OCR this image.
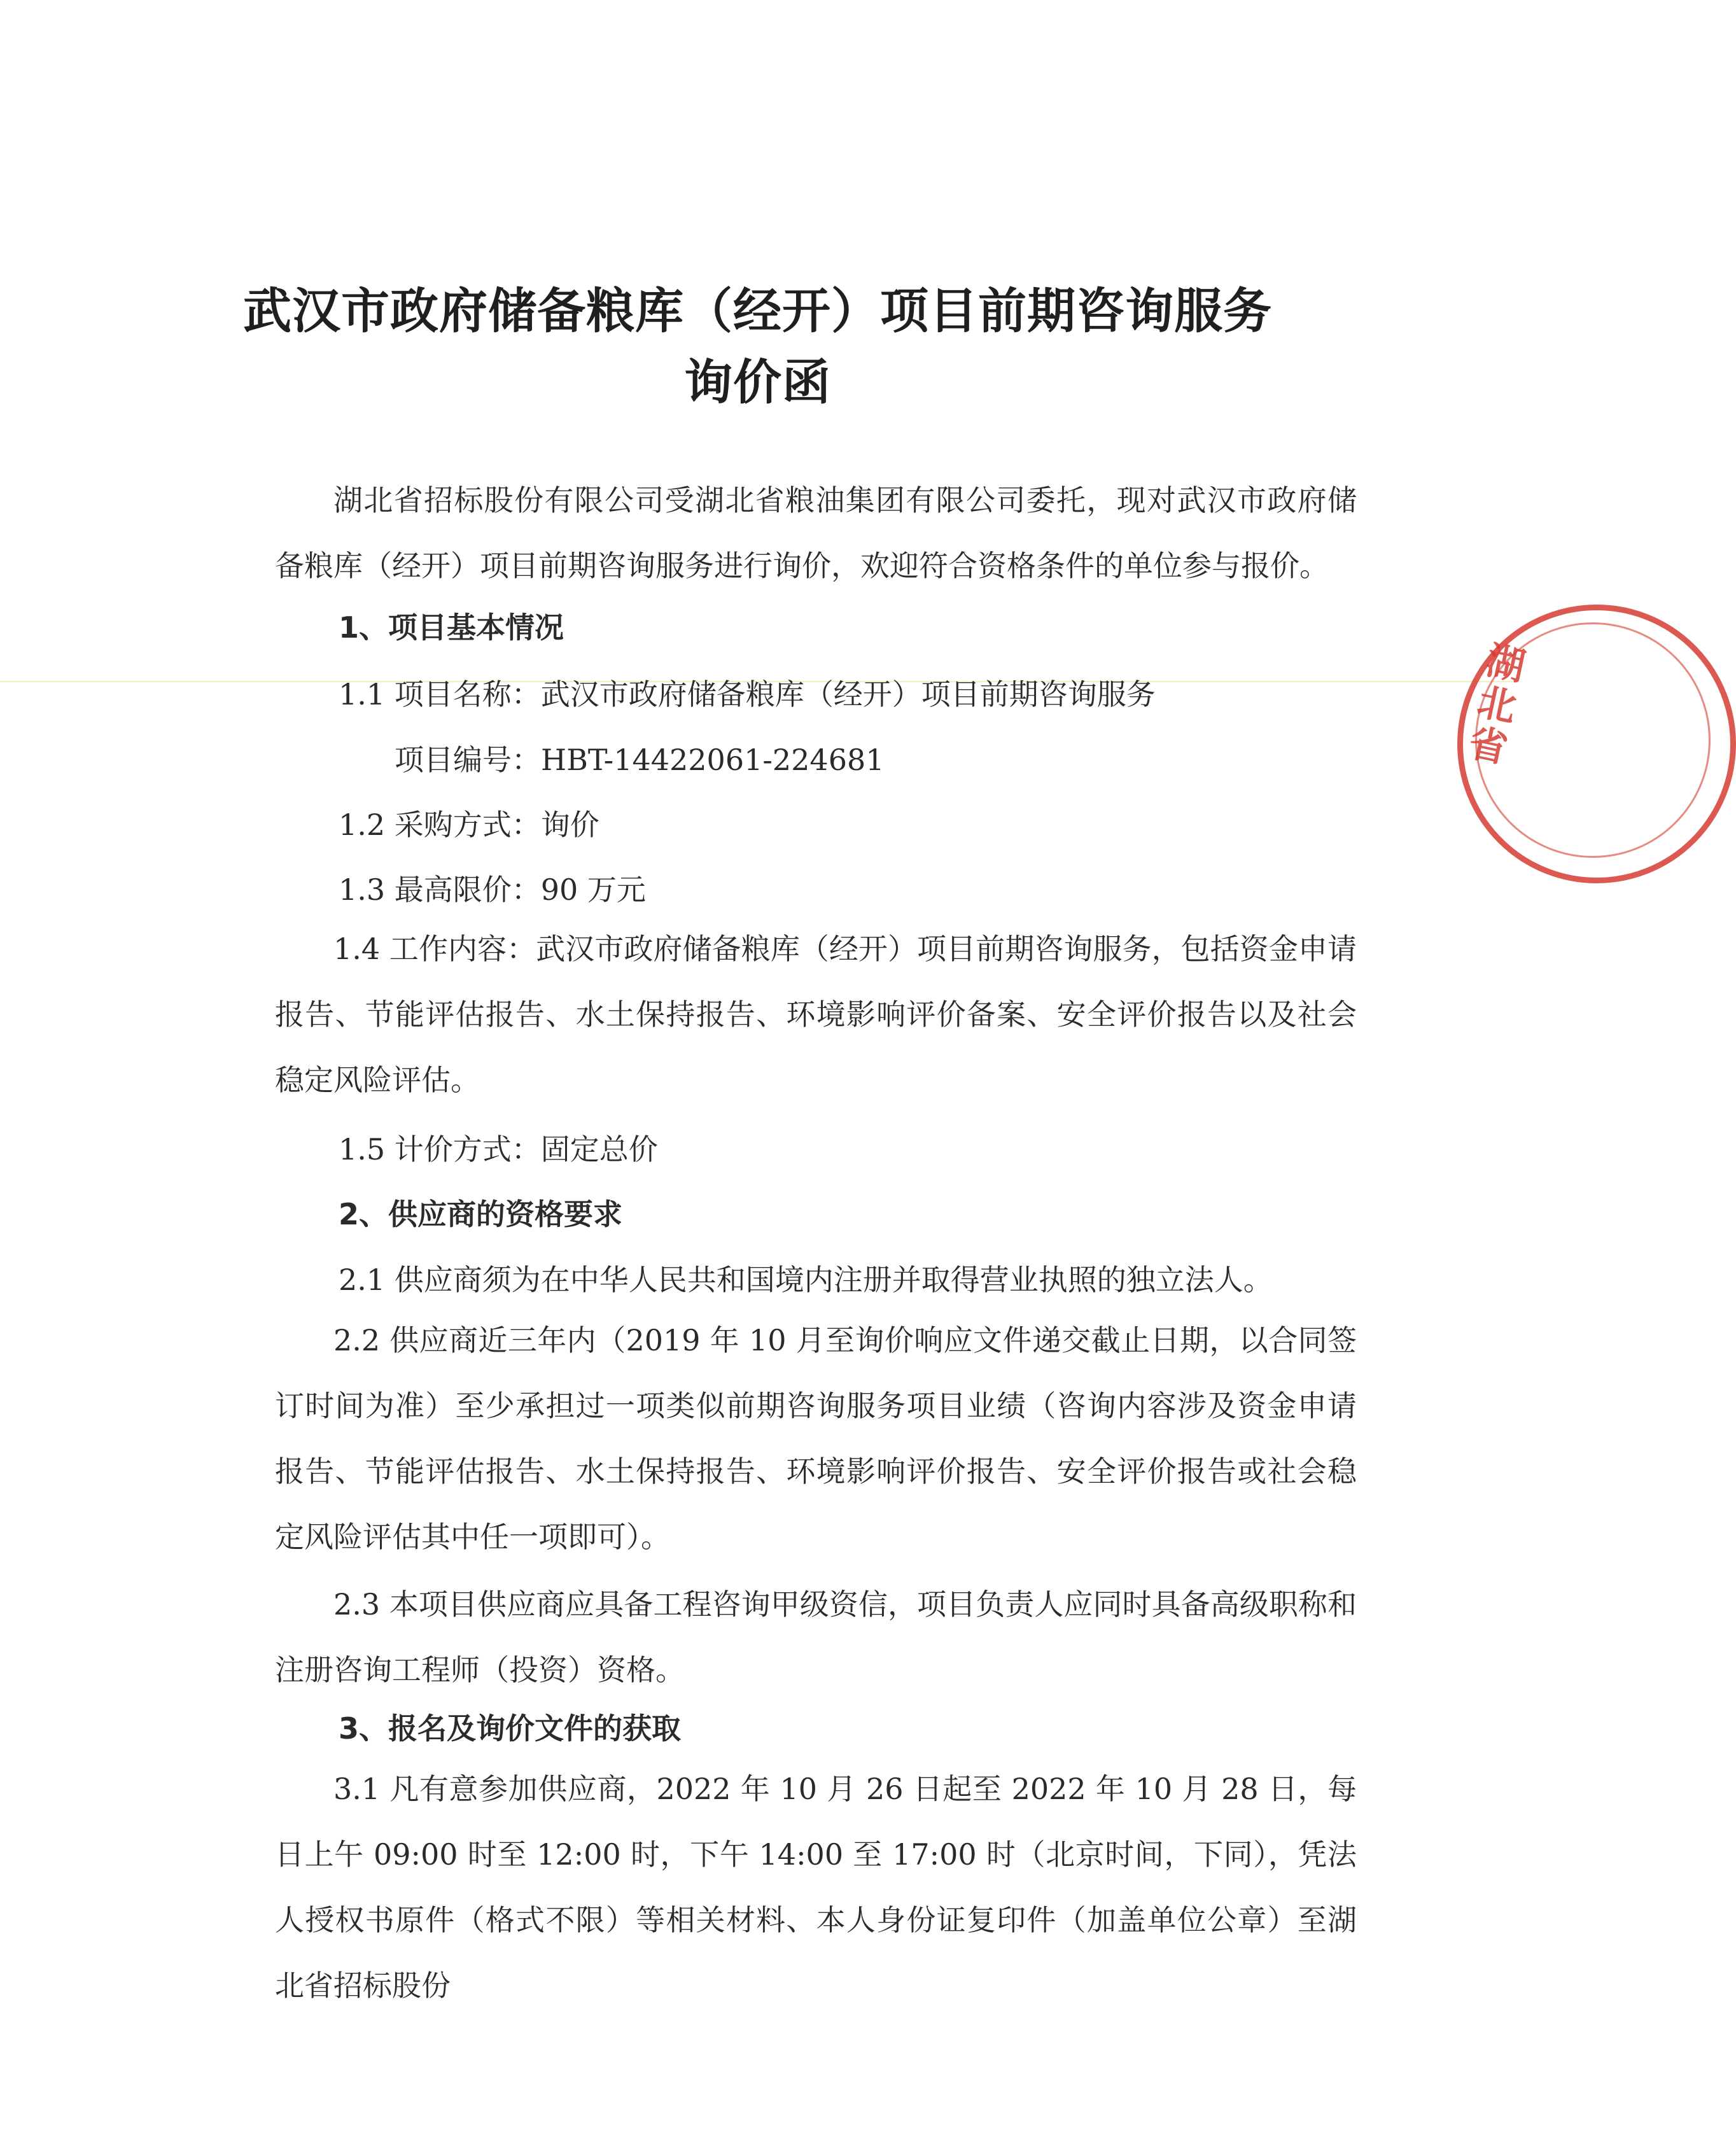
武汉市政府储备粮库（经开）项目前期咨询服务
询价函
湖北省招标股份有限公司受湖北省粮油集团有限公司委托，现对武汉市政府储备粮库（经开）项目前期咨询服务进行询价，欢迎符合资格条件的单位参与报价。
1、项目基本情况
1.1 项目名称：武汉市政府储备粮库（经开）项目前期咨询服务
项目编号：HBT-14422061-224681
1.2 采购方式：询价
1.3 最高限价：90 万元
1.4 工作内容：武汉市政府储备粮库（经开）项目前期咨询服务，包括资金申请报告、节能评估报告、水土保持报告、环境影响评价备案、安全评价报告以及社会稳定风险评估。
1.5 计价方式：固定总价
2、供应商的资格要求
2.1 供应商须为在中华人民共和国境内注册并取得营业执照的独立法人。
2.2 供应商近三年内（2019 年 10 月至询价响应文件递交截止日期，以合同签订时间为准）至少承担过一项类似前期咨询服务项目业绩（咨询内容涉及资金申请报告、节能评估报告、水土保持报告、环境影响评价报告、安全评价报告或社会稳定风险评估其中任一项即可）。
2.3 本项目供应商应具备工程咨询甲级资信，项目负责人应同时具备高级职称和注册咨询工程师（投资）资格。
3、报名及询价文件的获取
3.1 凡有意参加供应商，2022 年 10 月 26 日起至 2022 年 10 月 28 日，每日上午 09:00 时至 12:00 时，下午 14:00 至 17:00 时（北京时间，下同），凭法人授权书原件（格式不限）等相关材料、本人身份证复印件（加盖单位公章）至湖北省招标股份
湖北省
